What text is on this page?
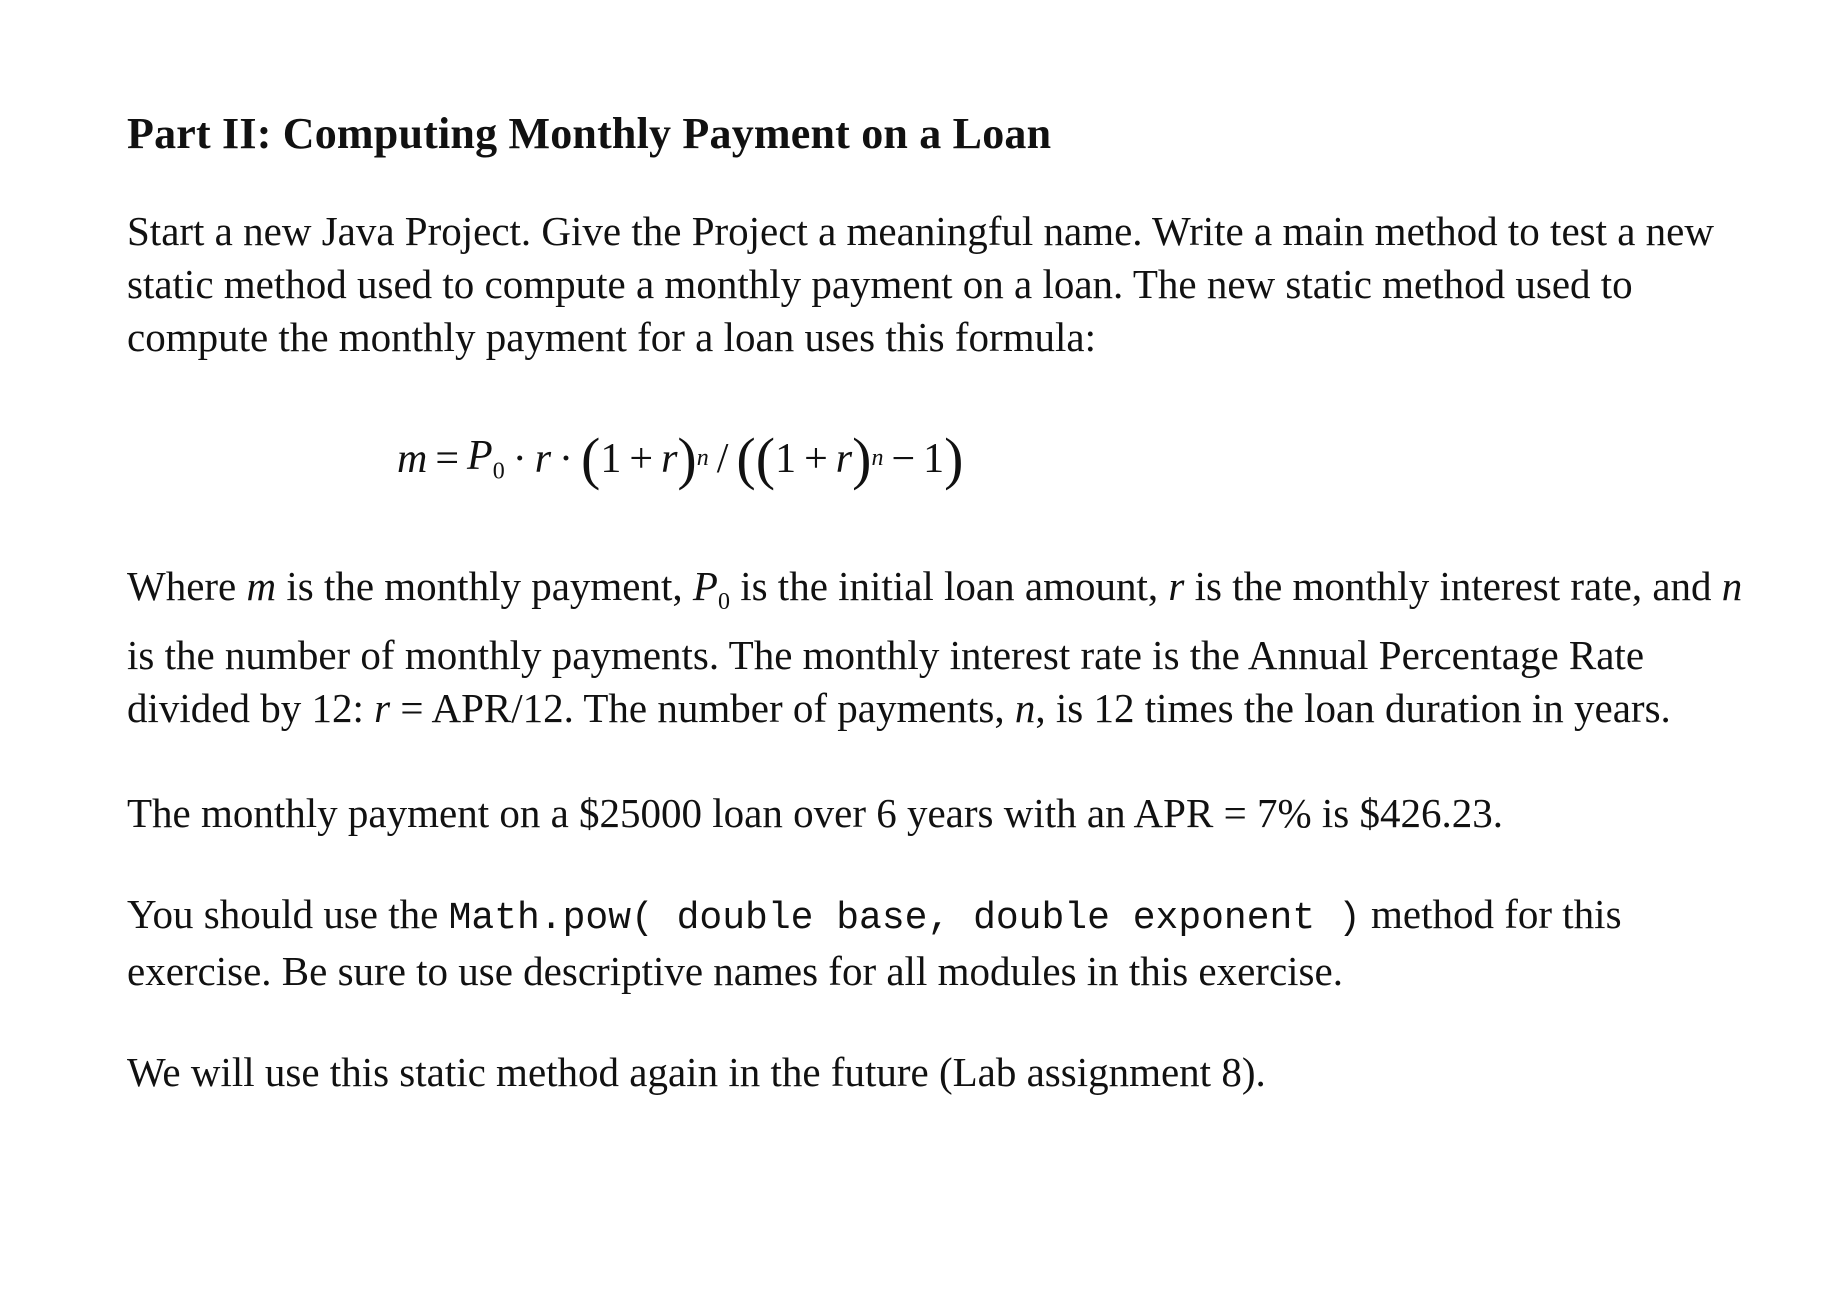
Part II: Computing Monthly Payment on a Loan

Start a new Java Project. Give the Project a meaningful name. Write a main method to test a new static method used to compute a monthly payment on a loan. The new static method used to compute the monthly payment for a loan uses this formula:

$m = P_0 \cdot r$ · ( 1 + r ) n / (( 1 + r ) n − 1 )

Where m is the monthly payment, $P_0$ is the initial loan amount, r is the monthly interest rate, and n is the number of monthly payments. The monthly interest rate is the Annual Percentage Rate divided by 12: r = APR/12. The number of payments, n, is 12 times the loan duration in years.

The monthly payment on a $25000 loan over 6 years with an APR = 7% is $426.23.

You should use the Math.pow( double base, double exponent ) method for this exercise. Be sure to use descriptive names for all modules in this exercise.

We will use this static method again in the future (Lab assignment 8).
